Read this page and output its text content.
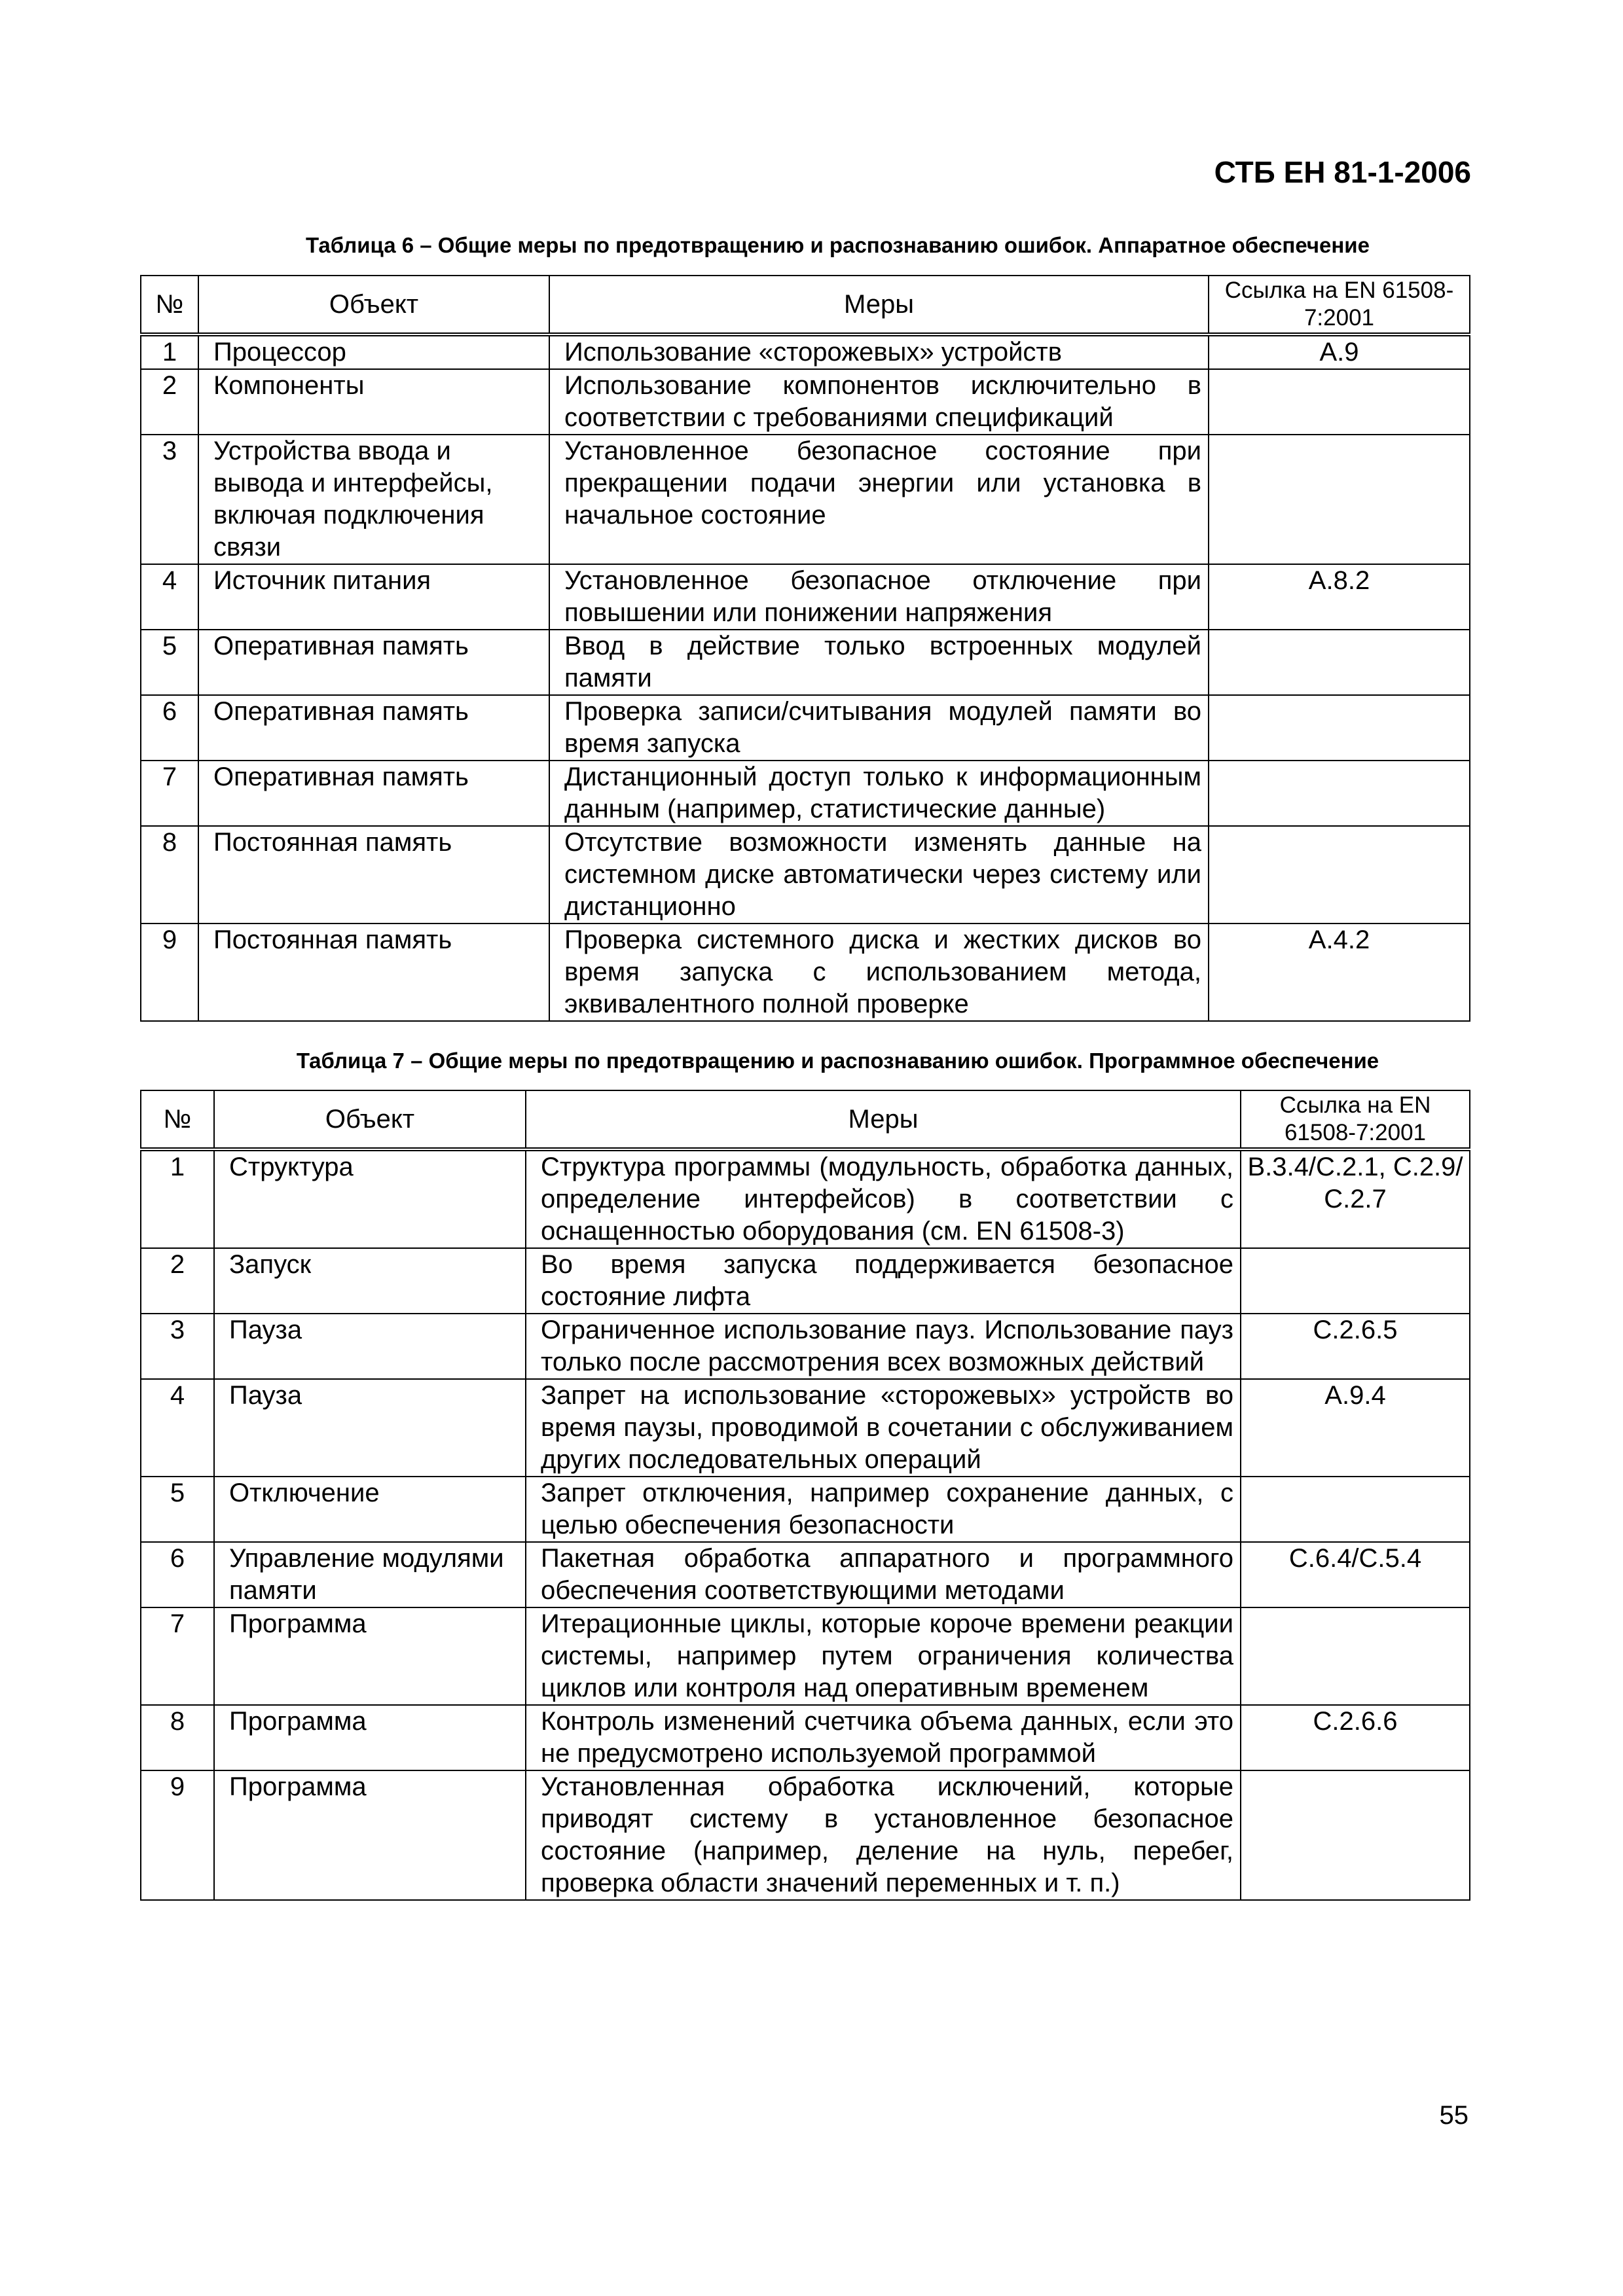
СТБ ЕН 81-1-2006
Таблица 6 – Общие меры по предотвращению и распознаванию ошибок. Аппаратное обеспечение
№	Объект	Меры	Ссылка на EN 61508-7:2001
1	Процессор	Использование «сторожевых» устройств	А.9
2	Компоненты	Использование компонентов исключительно в соответствии с требованиями спецификаций	
3	Устройства ввода и вывода и интерфейсы, включая подключения связи	Установленное безопасное состояние при прекращении подачи энергии или установка в начальное состояние	
4	Источник питания	Установленное безопасное отключение при повышении или понижении напряжения	А.8.2
5	Оперативная память	Ввод в действие только встроенных модулей памяти	
6	Оперативная память	Проверка записи/считывания модулей памяти во время запуска	
7	Оперативная память	Дистанционный доступ только к информационным данным (например, статистические данные)	
8	Постоянная память	Отсутствие возможности изменять данные на системном диске автоматически через систему или дистанционно	
9	Постоянная память	Проверка системного диска и жестких дисков во время запуска с использованием метода, эквивалентного полной проверке	А.4.2
Таблица 7 – Общие меры по предотвращению и распознаванию ошибок. Программное обеспечение
№	Объект	Меры	Ссылка на EN 61508-7:2001
1	Структура	Структура программы (модульность, обработка данных, определение интерфейсов) в соответствии с оснащенностью оборудования (см. EN 61508-3)	В.3.4/С.2.1, С.2.9/С.2.7
2	Запуск	Во время запуска поддерживается безопасное состояние лифта	
3	Пауза	Ограниченное использование пауз. Использование пауз только после рассмотрения всех возможных действий	С.2.6.5
4	Пауза	Запрет на использование «сторожевых» устройств во время паузы, проводимой в сочетании с обслуживанием других последовательных операций	А.9.4
5	Отключение	Запрет отключения, например сохранение данных, с целью обеспечения безопасности	
6	Управление модулями памяти	Пакетная обработка аппаратного и программного обеспечения соответствующими методами	С.6.4/С.5.4
7	Программа	Итерационные циклы, которые короче времени реакции системы, например путем ограничения количества циклов или контроля над оперативным временем	
8	Программа	Контроль изменений счетчика объема данных, если это не предусмотрено используемой программой	С.2.6.6
9	Программа	Установленная обработка исключений, которые приводят систему в установленное безопасное состояние (например, деление на нуль, перебег, проверка области значений переменных и т. п.)	
55
